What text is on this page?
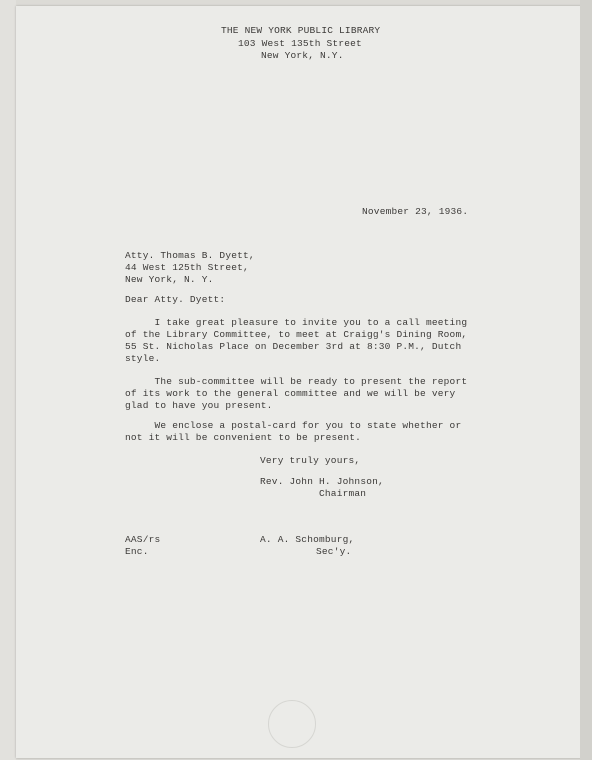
THE NEW YORK PUBLIC LIBRARY
103 West 135th Street
New York, N.Y.
November 23, 1936.
Atty. Thomas B. Dyett,
44 West 125th Street,
New York, N. Y.
Dear Atty. Dyett:
I take great pleasure to invite you to a call meeting
of the Library Committee, to meet at Craigg's Dining Room,
55 St. Nicholas Place on December 3rd at 8:30 P.M., Dutch
style.
The sub-committee will be ready to present the report
of its work to the general committee and we will be very
glad to have you present.
We enclose a postal-card for you to state whether or
not it will be convenient to be present.
Very truly yours,
Rev. John H. Johnson,
Chairman
AAS/rs
Enc.
A. A. Schomburg,
Sec'y.
